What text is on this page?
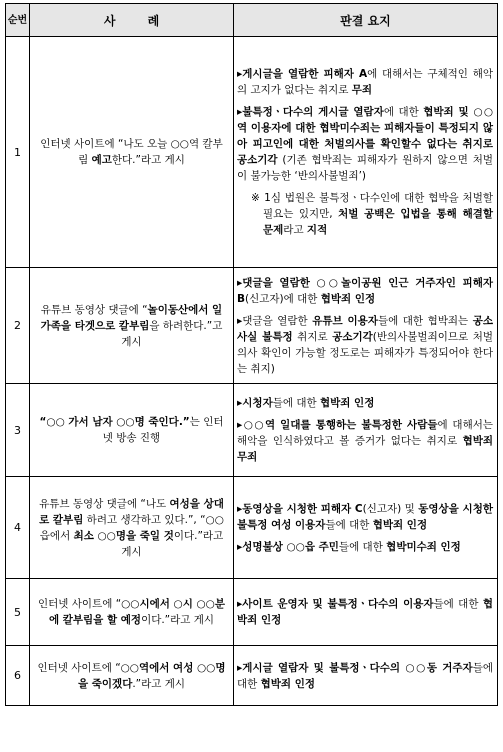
순번	사 례	판결 요지
1	인터넷 사이트에 “나도 오늘 ○○역 칼부림 예고한다.”라고 게시	▸게시글을 열람한 피해자 A에 대해서는 구체적인 해악의 고지가 없다는 취지로 무죄

▸불특정ㆍ다수의 게시글 열람자에 대한 협박죄 및 ○○역 이용자에 대한 협박미수죄는 피해자들이 특정되지 않아 피고인에 대한 처벌의사를 확인할수 없다는 취지로 공소기각 (기존 협박죄는 피해자가 원하지 않으면 처벌이 불가능한 ‘반의사불벌죄’)

※ 1심 법원은 불특정ㆍ다수인에 대한 협박을 처벌할 필요는 있지만, 처벌 공백은 입법을 통해 해결할 문제라고 지적

2	유튜브 동영상 댓글에 “놀이동산에서 일가족을 타겟으로 칼부림을 하려한다.”고 게시	▸댓글을 열람한 ○○놀이공원 인근 거주자인 피해자 B(신고자)에 대한 협박죄 인정

▸댓글을 열람한 유튜브 이용자들에 대한 협박죄는 공소사실 불특정 취지로 공소기각(반의사불벌죄이므로 처벌의사 확인이 가능할 정도로는 피해자가 특정되어야 한다는 취지)

3	“○○ 가서 남자 ○○명 죽인다.”는 인터넷 방송 진행	▸시청자들에 대한 협박죄 인정

▸○○역 일대를 통행하는 불특정한 사람들에 대해서는 해악을 인식하였다고 볼 증거가 없다는 취지로 협박죄 무죄

4	유튜브 동영상 댓글에 “나도 여성을 상대로 칼부림 하려고 생각하고 있다.”, “○○읍에서 최소 ○○명을 죽일 것이다.”라고 게시	▸동영상을 시청한 피해자 C(신고자) 및 동영상을 시청한 불특정 여성 이용자들에 대한 협박죄 인정

▸성명불상 ○○읍 주민들에 대한 협박미수죄 인정

5	인터넷 사이트에 “○○시에서 ○시 ○○분에 칼부림을 할 예정이다.”라고 게시	▸사이트 운영자 및 불특정ㆍ다수의 이용자들에 대한 협박죄 인정

6	인터넷 사이트에 “○○역에서 여성 ○○명을 죽이겠다.”라고 게시	▸게시글 열람자 및 불특정ㆍ다수의 ○○동 거주자들에 대한 협박죄 인정
